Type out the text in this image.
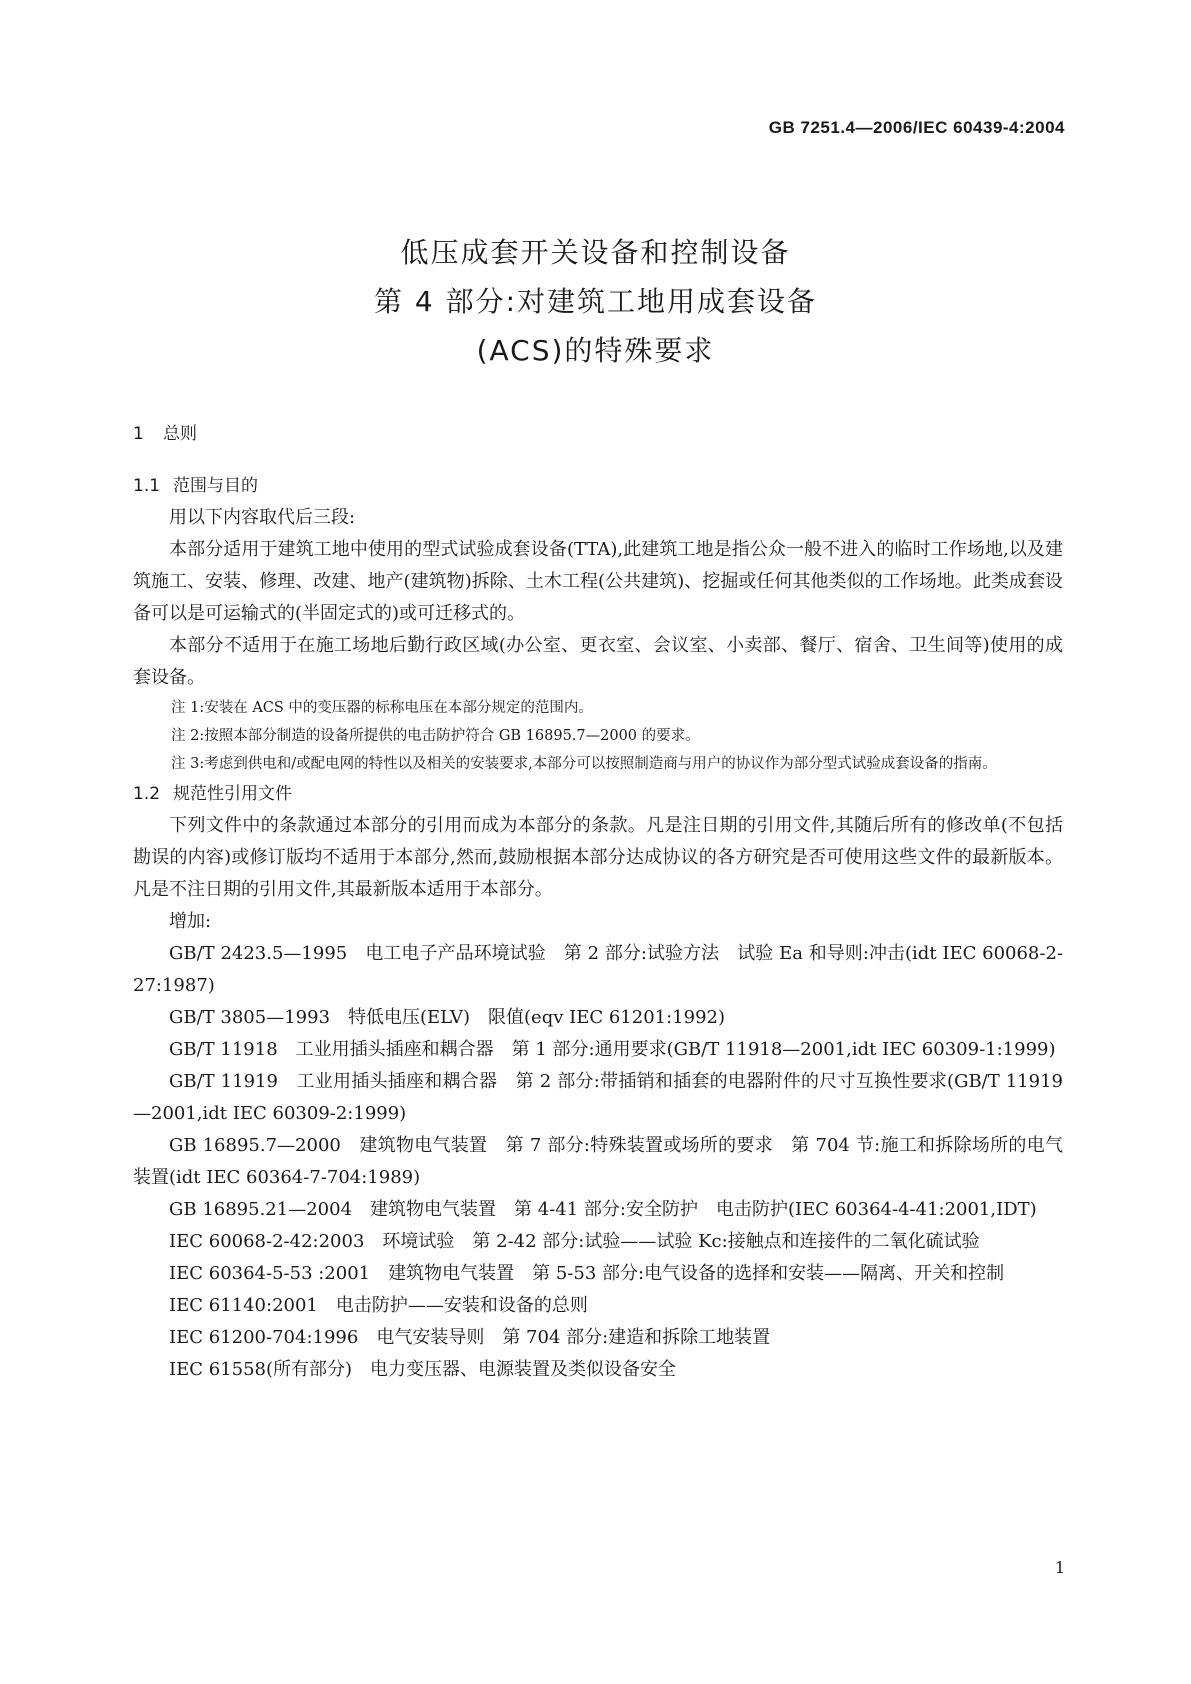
GB 7251.4—2006/IEC 60439-4:2004
低压成套开关设备和控制设备
第 4 部分:对建筑工地用成套设备
(ACS)的特殊要求
1 总则
1.1 范围与目的

用以下内容取代后三段:

本部分适用于建筑工地中使用的型式试验成套设备(TTA),此建筑工地是指公众一般不进入的临时工作场地,以及建筑施工、安装、修理、改建、地产(建筑物)拆除、土木工程(公共建筑)、挖掘或任何其他类似的工作场地。此类成套设备可以是可运输式的(半固定式的)或可迁移式的。

本部分不适用于在施工场地后勤行政区域(办公室、更衣室、会议室、小卖部、餐厅、宿舍、卫生间等)使用的成套设备。

注 1:安装在 ACS 中的变压器的标称电压在本部分规定的范围内。
注 2:按照本部分制造的设备所提供的电击防护符合 GB 16895.7—2000 的要求。
注 3:考虑到供电和/或配电网的特性以及相关的安装要求,本部分可以按照制造商与用户的协议作为部分型式试验成套设备的指南。
1.2 规范性引用文件

下列文件中的条款通过本部分的引用而成为本部分的条款。凡是注日期的引用文件,其随后所有的修改单(不包括勘误的内容)或修订版均不适用于本部分,然而,鼓励根据本部分达成协议的各方研究是否可使用这些文件的最新版本。凡是不注日期的引用文件,其最新版本适用于本部分。

增加:

GB/T 2423.5—1995　电工电子产品环境试验　第 2 部分:试验方法　试验 Ea 和导则:冲击(idt IEC 60068-2-27:1987)
GB/T 3805—1993　特低电压(ELV)　限值(eqv IEC 61201:1992)
GB/T 11918　工业用插头插座和耦合器　第 1 部分:通用要求(GB/T 11918—2001,idt IEC 60309-1:1999)
GB/T 11919　工业用插头插座和耦合器　第 2 部分:带插销和插套的电器附件的尺寸互换性要求(GB/T 11919—2001,idt IEC 60309-2:1999)
GB 16895.7—2000　建筑物电气装置　第 7 部分:特殊装置或场所的要求　第 704 节:施工和拆除场所的电气装置(idt IEC 60364-7-704:1989)
GB 16895.21—2004　建筑物电气装置　第 4-41 部分:安全防护　电击防护(IEC 60364-4-41:2001,IDT)
IEC 60068-2-42:2003　环境试验　第 2-42 部分:试验——试验 Kc:接触点和连接件的二氧化硫试验
IEC 60364-5-53 :2001　建筑物电气装置　第 5-53 部分:电气设备的选择和安装——隔离、开关和控制
IEC 61140:2001　电击防护——安装和设备的总则
IEC 61200-704:1996　电气安装导则　第 704 部分:建造和拆除工地装置
IEC 61558(所有部分)　电力变压器、电源装置及类似设备安全
1
